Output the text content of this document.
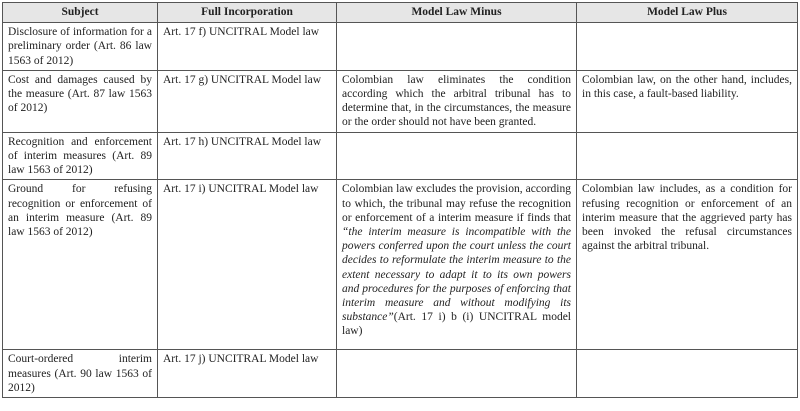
Subject	Full Incorporation	Model Law Minus	Model Law Plus
Disclosure of information for a preliminary order (Art. 86 law 1563 of 2012)	Art. 17 f) UNCITRAL Model law		
Cost and damages caused by the measure (Art. 87 law 1563 of 2012)	Art. 17 g) UNCITRAL Model law	Colombian law eliminates the condition according which the arbitral tribunal has to determine that, in the circumstances, the measure or the order should not have been granted.	Colombian law, on the other hand, includes, in this case, a fault-based liability.
Recognition and enforcement of interim measures (Art. 89 law 1563 of 2012)	Art. 17 h) UNCITRAL Model law		
Ground for refusing recognition or enforcement of an interim measure (Art. 89 law 1563 of 2012)	Art. 17 i) UNCITRAL Model law	Colombian law excludes the provision, according to which, the tribunal may refuse the recognition or enforcement of a interim measure if finds that “the interim measure is incompatible with the powers conferred upon the court unless the court decides to reformulate the interim measure to the extent necessary to adapt it to its own powers and procedures for the purposes of enforcing that interim measure and without modifying its substance”(Art. 17 i) b (i) UNCITRAL model law)	Colombian law includes, as a condition for refusing recognition or enforcement of an interim measure that the aggrieved party has been invoked the refusal circumstances against the arbitral tribunal.
Court-ordered interim measures (Art. 90 law 1563 of 2012)	Art. 17 j) UNCITRAL Model law		
